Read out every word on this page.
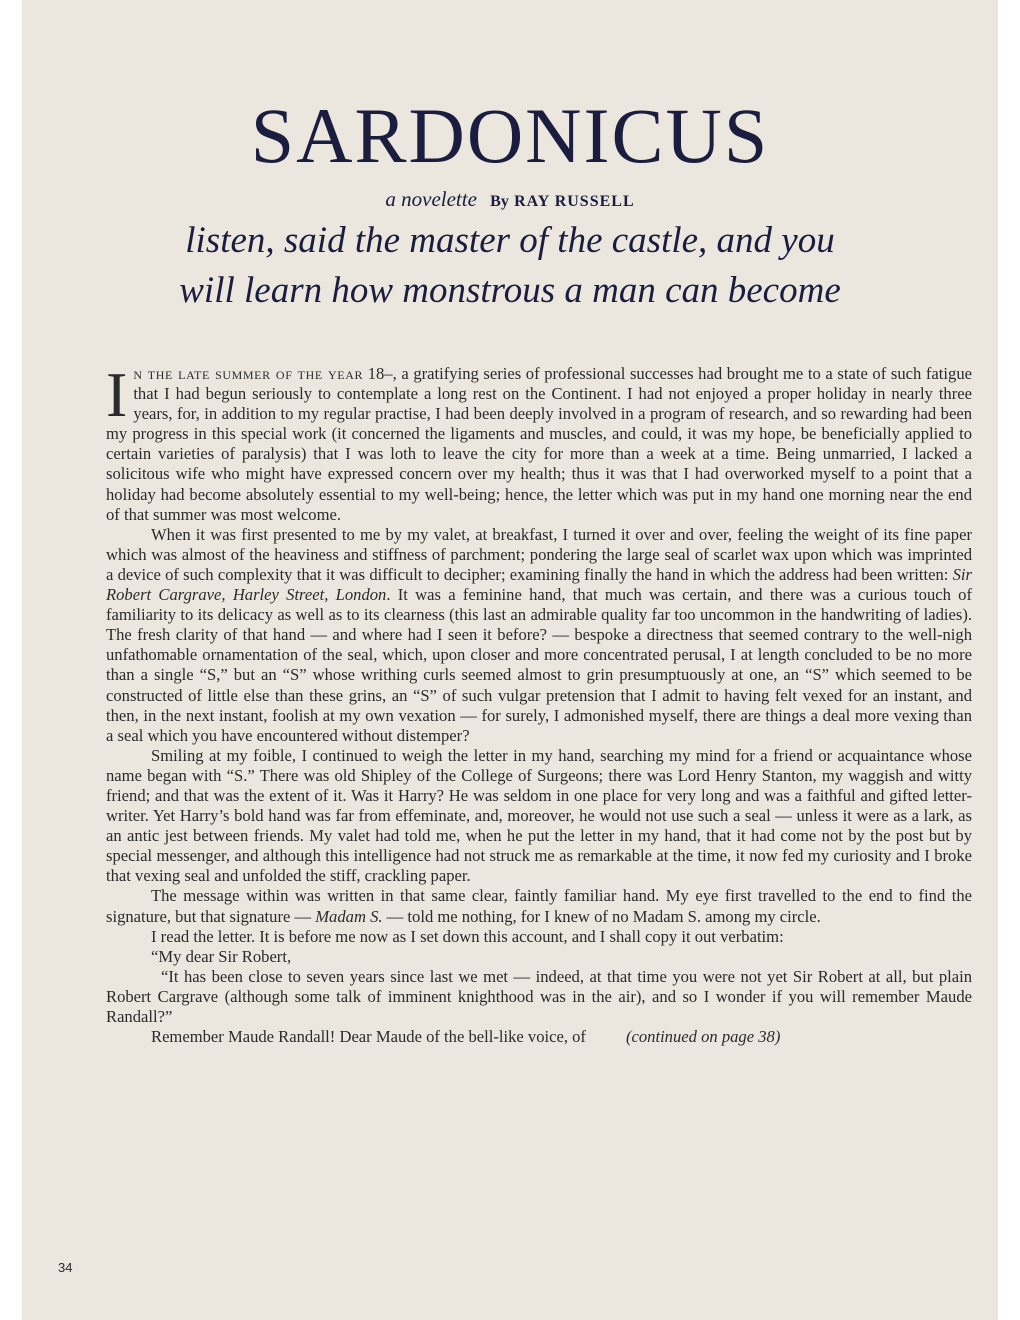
SARDONICUS
a novelette By RAY RUSSELL
listen, said the master of the castle, and you
will learn how monstrous a man can become

In the late summer of the year 18–, a gratifying series of professional successes had brought me to a state of such fatigue that I had begun seriously to contemplate a long rest on the Continent. I had not enjoyed a proper holiday in nearly three years, for, in addition to my regular practise, I had been deeply involved in a program of research, and so rewarding had been my progress in this special work (it concerned the ligaments and muscles, and could, it was my hope, be beneficially applied to certain varieties of paralysis) that I was loth to leave the city for more than a week at a time. Being unmarried, I lacked a solicitous wife who might have expressed concern over my health; thus it was that I had overworked myself to a point that a holiday had become absolutely essential to my well-being; hence, the letter which was put in my hand one morning near the end of that summer was most welcome.

When it was first presented to me by my valet, at breakfast, I turned it over and over, feeling the weight of its fine paper which was almost of the heaviness and stiffness of parchment; pondering the large seal of scarlet wax upon which was imprinted a device of such complexity that it was difficult to decipher; examining finally the hand in which the address had been written: Sir Robert Cargrave, Harley Street, London. It was a feminine hand, that much was certain, and there was a curious touch of familiarity to its delicacy as well as to its clearness (this last an admirable quality far too uncommon in the handwriting of ladies). The fresh clarity of that hand — and where had I seen it before? — bespoke a directness that seemed contrary to the well-nigh unfathomable ornamentation of the seal, which, upon closer and more concentrated perusal, I at length concluded to be no more than a single “S,” but an “S” whose writhing curls seemed almost to grin presumptuously at one, an “S” which seemed to be constructed of little else than these grins, an “S” of such vulgar pretension that I admit to having felt vexed for an instant, and then, in the next instant, foolish at my own vexation — for surely, I admonished myself, there are things a deal more vexing than a seal which you have encountered without distemper?

Smiling at my foible, I continued to weigh the letter in my hand, searching my mind for a friend or acquaintance whose name began with “S.” There was old Shipley of the College of Surgeons; there was Lord Henry Stanton, my waggish and witty friend; and that was the extent of it. Was it Harry? He was seldom in one place for very long and was a faithful and gifted letter-writer. Yet Harry’s bold hand was far from effeminate, and, moreover, he would not use such a seal — unless it were as a lark, as an antic jest between friends. My valet had told me, when he put the letter in my hand, that it had come not by the post but by special messenger, and although this intelligence had not struck me as remarkable at the time, it now fed my curiosity and I broke that vexing seal and unfolded the stiff, crackling paper.

The message within was written in that same clear, faintly familiar hand. My eye first travelled to the end to find the signature, but that signature — Madam S. — told me nothing, for I knew of no Madam S. among my circle.

I read the letter. It is before me now as I set down this account, and I shall copy it out verbatim:

“My dear Sir Robert,

“It has been close to seven years since last we met — indeed, at that time you were not yet Sir Robert at all, but plain Robert Cargrave (although some talk of imminent knighthood was in the air), and so I wonder if you will remember Maude Randall?”

Remember Maude Randall! Dear Maude of the bell-like voice, of (continued on page 38)

34
